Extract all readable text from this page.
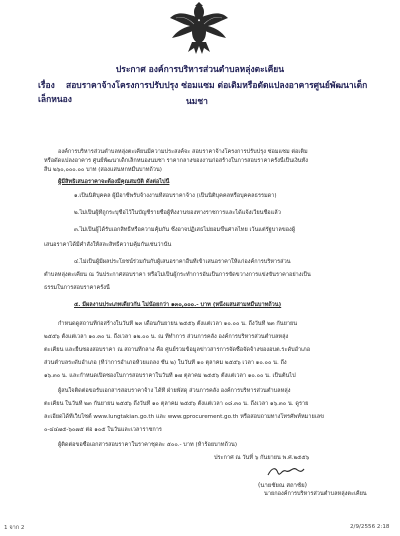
ประกาศ องค์การบริหารส่วนตำบลหลุ่งตะเคียน
เรื่อง สอบราคาจ้างโครงการปรับปรุง ซ่อมแซม ต่อเติมหรือดัดแปลงอาคารศูนย์พัฒนาเด็กเล็กหนอง	นมชา
องค์การบริหารส่วนตำบลหลุ่งตะเคียนมีความประสงค์จะ สอบราคาจ้างโครงการปรับปรุง ซ่อมแซม ต่อเติม
หรือดัดแปลงอาคาร ศูนย์พัฒนาเด็กเล็กหนองนมชา ราคากลางของงานก่อสร้างในการสอบราคาครั้งนี้เป็นเงินทั้ง
สิ้น ๒๖๐,๐๐๐.๐๐ บาท (สองแสนหกหมื่นบาทถ้วน)
ผู้มีสิทธิเสนอราคาจะต้องมีคุณสมบัติ ดังต่อไปนี้
๑.เป็นนิติบุคคล ผู้มีอาชีพรับจ้างงานที่สอบราคาจ้าง (เป็นนิติบุคคลหรือบุคคลธรรมดา)
๒.ไม่เป็นผู้ที่ถูกระบุชื่อไว้ในบัญชีรายชื่อผู้ทิ้งงานของทางราชการและได้แจ้งเวียนชื่อแล้ว
๓.ไม่เป็นผู้ได้รับเอกสิทธิ์หรือความคุ้มกัน ซึ่งอาจปฏิเสธไม่ยอมขึ้นศาลไทย เว้นแต่รัฐบาลของผู้
เสนอราคาได้มีคำสั่งให้สละสิทธิ์ความคุ้มกันเช่นว่านั้น
๔.ไม่เป็นผู้มีผลประโยชน์ร่วมกันกับผู้เสนอราคาอื่นที่เข้าเสนอราคาให้แก่องค์การบริหารส่วน
ตำบลหลุ่งตะเคียน ณ วันประกาศสอบราคา หรือไม่เป็นผู้กระทำการอันเป็นการขัดขวางการแข่งขันราคาอย่างเป็น
ธรรมในการสอบราคาครั้งนี้
๕. มีผลงานประเภทเดียวกัน ไม่น้อยกว่า ๑๓๐,๐๐๐.- บาท (หนึ่งแสนสามหมื่นบาทถ้วน)
กำหนดดูสถานที่ก่อสร้างในวันที่ ๒๓ เดือนกันยายน ๒๕๕๖ ตั้งแต่เวลา ๑๐.๐๐ น. ถึงวันที่ ๒๓ กันยายน
๒๕๕๖ ตั้งแต่เวลา ๑๐.๓๐ น. ถึงเวลา ๑๒.๐๐ น. ณ ที่ทำการ ส่วนการคลัง องค์การบริหารส่วนตำบลหลุ่ง
ตะเคียน และยื่นซองสอบราคา ณ สถานที่กลาง คือ ศูนย์รวมข้อมูลข่าวสารการจัดซื้อจัดจ้างของอบต.ระดับอำเภอ
ส่วนตำบลระดับอำเภอ (ที่ว่าการอำเภอห้วยแถลง ชั้น ๒) ในวันที่ ๑๐ ตุลาคม ๒๕๕๖ เวลา ๑๐.๐๐ น. ถึง
๑๖.๓๐ น. และกำหนดเปิดซองในการสอบราคาในวันที่ ๑๗ ตุลาคม ๒๕๕๖ ตั้งแต่เวลา ๑๐.๐๐ น. เป็นต้นไป
ผู้สนใจติดต่อขอรับเอกสารสอบราคาจ้าง ได้ที่ ฝ่ายพัสดุ ส่วนการคลัง องค์การบริหารส่วนตำบลหลุ่ง
ตะเคียน ในวันที่ ๒๓ กันยายน ๒๕๕๖ ถึงวันที่ ๑๐ ตุลาคม ๒๕๕๖ ตั้งแต่เวลา ๐๘.๓๐ น. ถึงเวลา ๑๖.๓๐ น. ดูราย
ละเอียดได้ที่เว็บไซต์ www.lungtakian.go.th และ www.gprocurement.go.th หรือสอบถามทางโทรศัพท์หมายเลข
๐-๔๔๗๕-๖๐๗๕ ต่อ ๑๐๕ ในวันและเวลาราชการ
ผู้ติดต่อขอซื้อเอกสารสอบราคาในราคาชุดละ ๕๐๐.- บาท (ห้าร้อยบาทถ้วน)
ประกาศ ณ วันที่ ๖ กันยายน พ.ศ.๒๕๕๖
(นายชัยณ สถาชัย)
นายกองค์การบริหารส่วนตำบลหลุ่งตะเคียน
1 จาก 2	2/9/2556 2:18
